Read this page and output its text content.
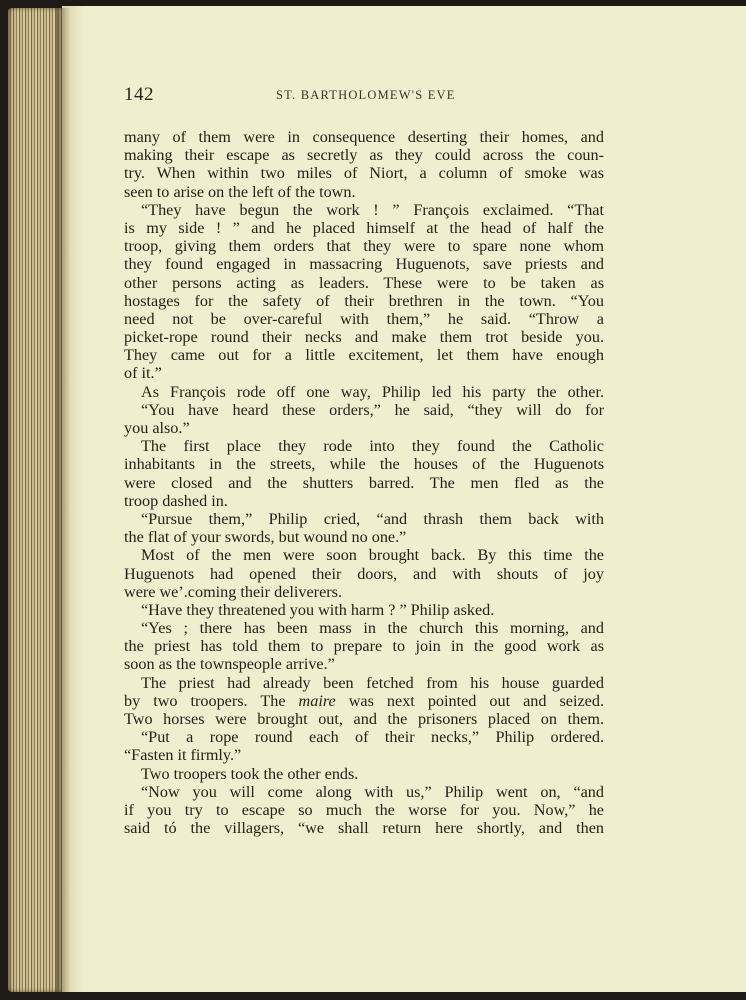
142	ST. BARTHOLOMEW'S EVE
many of them were in consequence deserting their homes, and
making their escape as secretly as they could across the coun-
try. When within two miles of Niort, a column of smoke was
seen to arise on the left of the town.
“They have begun the work ! ” François exclaimed. “That
is my side ! ” and he placed himself at the head of half the
troop, giving them orders that they were to spare none whom
they found engaged in massacring Huguenots, save priests and
other persons acting as leaders. These were to be taken as
hostages for the safety of their brethren in the town. “You
need not be over-careful with them,” he said. “Throw a
picket-rope round their necks and make them trot beside you.
They came out for a little excitement, let them have enough
of it.”
As François rode off one way, Philip led his party the other.
“You have heard these orders,” he said, “they will do for
you also.”
The first place they rode into they found the Catholic
inhabitants in the streets, while the houses of the Huguenots
were closed and the shutters barred. The men fled as the
troop dashed in.
“Pursue them,” Philip cried, “and thrash them back with
the flat of your swords, but wound no one.”
Most of the men were soon brought back. By this time the
Huguenots had opened their doors, and with shouts of joy
were we’.coming their deliverers.
“Have they threatened you with harm ? ” Philip asked.
“Yes ; there has been mass in the church this morning, and
the priest has told them to prepare to join in the good work as
soon as the townspeople arrive.”
The priest had already been fetched from his house guarded
by two troopers. The maire was next pointed out and seized.
Two horses were brought out, and the prisoners placed on them.
“Put a rope round each of their necks,” Philip ordered.
“Fasten it firmly.”
Two troopers took the other ends.
“Now you will come along with us,” Philip went on, “and
if you try to escape so much the worse for you. Now,” he
said tó the villagers, “we shall return here shortly, and then
